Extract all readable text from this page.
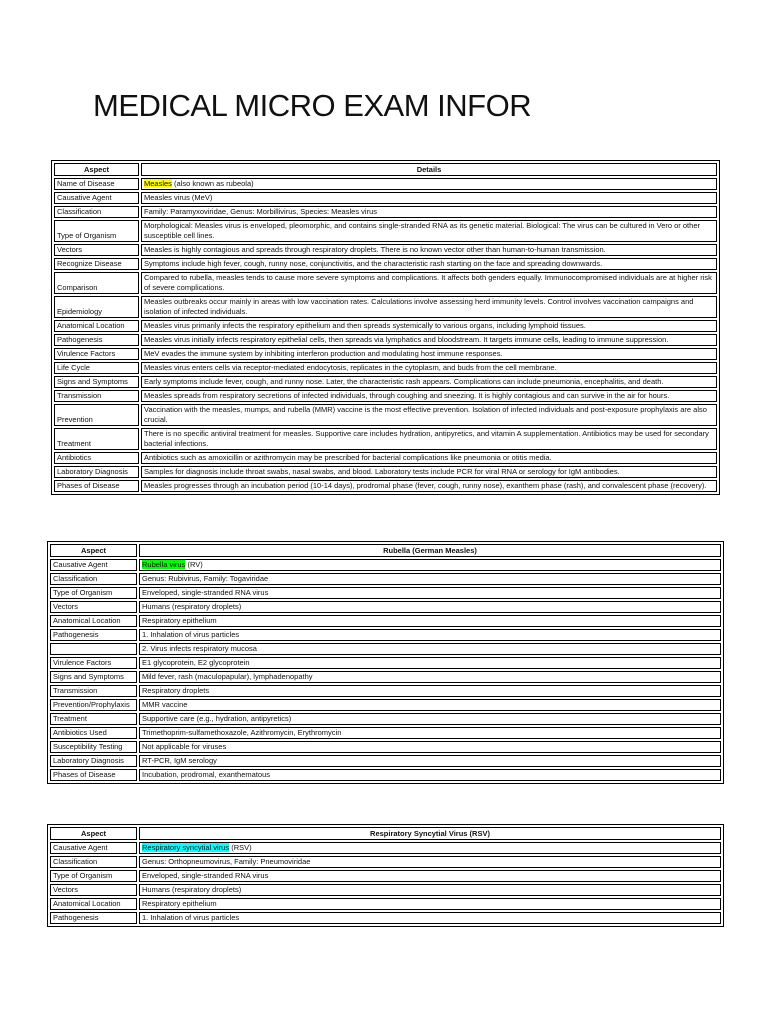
MEDICAL MICRO EXAM INFOR
Aspect	Details
Name of Disease	Measles (also known as rubeola)
Causative Agent	Measles virus (MeV)
Classification	Family: Paramyxoviridae, Genus: Morbillivirus, Species: Measles virus
Type of Organism	Morphological: Measles virus is enveloped, pleomorphic, and contains single-stranded RNA as its genetic material. Biological: The virus can be cultured in Vero or other susceptible cell lines.
Vectors	Measles is highly contagious and spreads through respiratory droplets. There is no known vector other than human-to-human transmission.
Recognize Disease	Symptoms include high fever, cough, runny nose, conjunctivitis, and the characteristic rash starting on the face and spreading downwards.
Comparison	Compared to rubella, measles tends to cause more severe symptoms and complications. It affects both genders equally. Immunocompromised individuals are at higher risk of severe complications.
Epidemiology	Measles outbreaks occur mainly in areas with low vaccination rates. Calculations involve assessing herd immunity levels. Control involves vaccination campaigns and isolation of infected individuals.
Anatomical Location	Measles virus primarily infects the respiratory epithelium and then spreads systemically to various organs, including lymphoid tissues.
Pathogenesis	Measles virus initially infects respiratory epithelial cells, then spreads via lymphatics and bloodstream. It targets immune cells, leading to immune suppression.
Virulence Factors	MeV evades the immune system by inhibiting interferon production and modulating host immune responses.
Life Cycle	Measles virus enters cells via receptor-mediated endocytosis, replicates in the cytoplasm, and buds from the cell membrane.
Signs and Symptoms	Early symptoms include fever, cough, and runny nose. Later, the characteristic rash appears. Complications can include pneumonia, encephalitis, and death.
Transmission	Measles spreads from respiratory secretions of infected individuals, through coughing and sneezing. It is highly contagious and can survive in the air for hours.
Prevention	Vaccination with the measles, mumps, and rubella (MMR) vaccine is the most effective prevention. Isolation of infected individuals and post-exposure prophylaxis are also crucial.
Treatment	There is no specific antiviral treatment for measles. Supportive care includes hydration, antipyretics, and vitamin A supplementation. Antibiotics may be used for secondary bacterial infections.
Antibiotics	Antibiotics such as amoxicillin or azithromycin may be prescribed for bacterial complications like pneumonia or otitis media.
Laboratory Diagnosis	Samples for diagnosis include throat swabs, nasal swabs, and blood. Laboratory tests include PCR for viral RNA or serology for IgM antibodies.
Phases of Disease	Measles progresses through an incubation period (10-14 days), prodromal phase (fever, cough, runny nose), exanthem phase (rash), and convalescent phase (recovery).
Aspect	Rubella (German Measles)
Causative Agent	Rubella virus (RV)
Classification	Genus: Rubivirus, Family: Togaviridae
Type of Organism	Enveloped, single-stranded RNA virus
Vectors	Humans (respiratory droplets)
Anatomical Location	Respiratory epithelium
Pathogenesis	1. Inhalation of virus particles
	2. Virus infects respiratory mucosa
Virulence Factors	E1 glycoprotein, E2 glycoprotein
Signs and Symptoms	Mild fever, rash (maculopapular), lymphadenopathy
Transmission	Respiratory droplets
Prevention/Prophylaxis	MMR vaccine
Treatment	Supportive care (e.g., hydration, antipyretics)
Antibiotics Used	Trimethoprim-sulfamethoxazole, Azithromycin, Erythromycin
Susceptibility Testing	Not applicable for viruses
Laboratory Diagnosis	RT-PCR, IgM serology
Phases of Disease	Incubation, prodromal, exanthematous
Aspect	Respiratory Syncytial Virus (RSV)
Causative Agent	Respiratory syncytial virus (RSV)
Classification	Genus: Orthopneumovirus, Family: Pneumoviridae
Type of Organism	Enveloped, single-stranded RNA virus
Vectors	Humans (respiratory droplets)
Anatomical Location	Respiratory epithelium
Pathogenesis	1. Inhalation of virus particles
